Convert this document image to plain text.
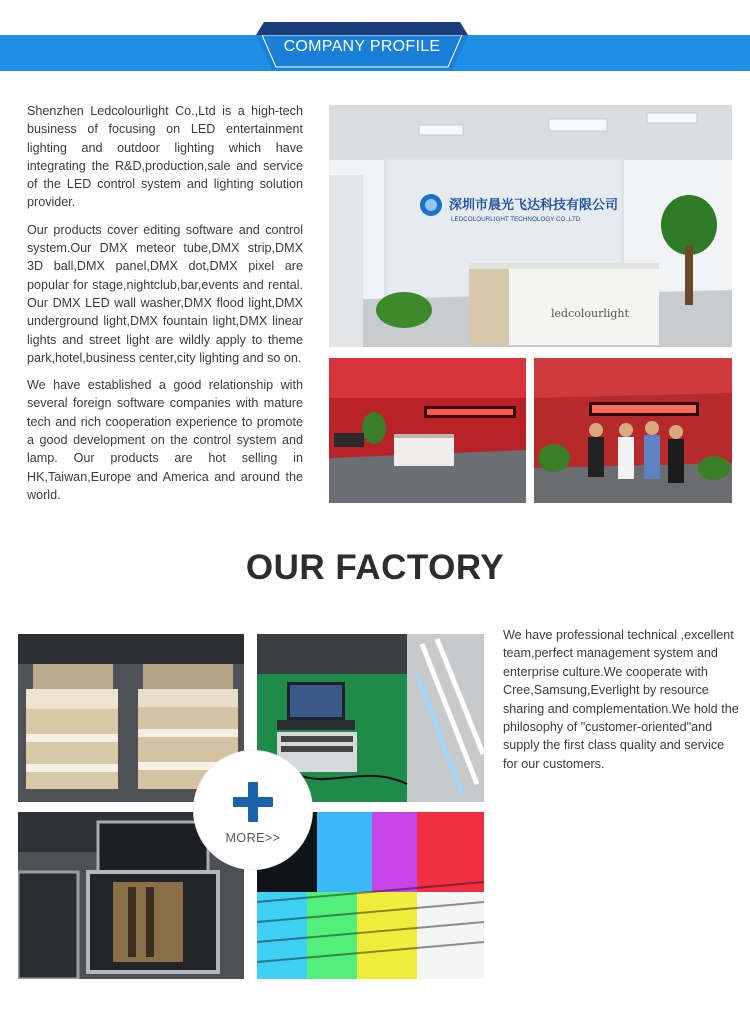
COMPANY PROFILE

Shenzhen Ledcolourlight Co.,Ltd is a high-tech business of focusing on LED entertainment lighting and outdoor lighting which have integrating the R&D,production,sale and service of the LED control system and lighting solution provider.

Our products cover editing software and control system.Our DMX meteor tube,DMX strip,DMX 3D ball,DMX panel,DMX dot,DMX pixel are popular for stage,nightclub,bar,events and rental. Our DMX LED wall washer,DMX flood light,DMX underground light,DMX fountain light,DMX linear lights and street light are wildly apply to theme park,hotel,business center,city lighting and so on.

We have established a good relationship with several foreign software companies with mature tech and rich cooperation experience to promote a good development on the control system and lamp. Our products are hot selling in HK,Taiwan,Europe and America and around the world.

深圳市晨光飞达科技有限公司
LEDCOLOURLIGHT TECHNOLOGY CO.,LTD
ledcolourlight
OUR FACTORY
MORE>>
We have professional technical ,excellent team,perfect management system and enterprise culture.We cooperate with Cree,Samsung,Everlight by resource sharing and complementation.We hold the philosophy of "customer-oriented"and supply the first class quality and service for our customers.
